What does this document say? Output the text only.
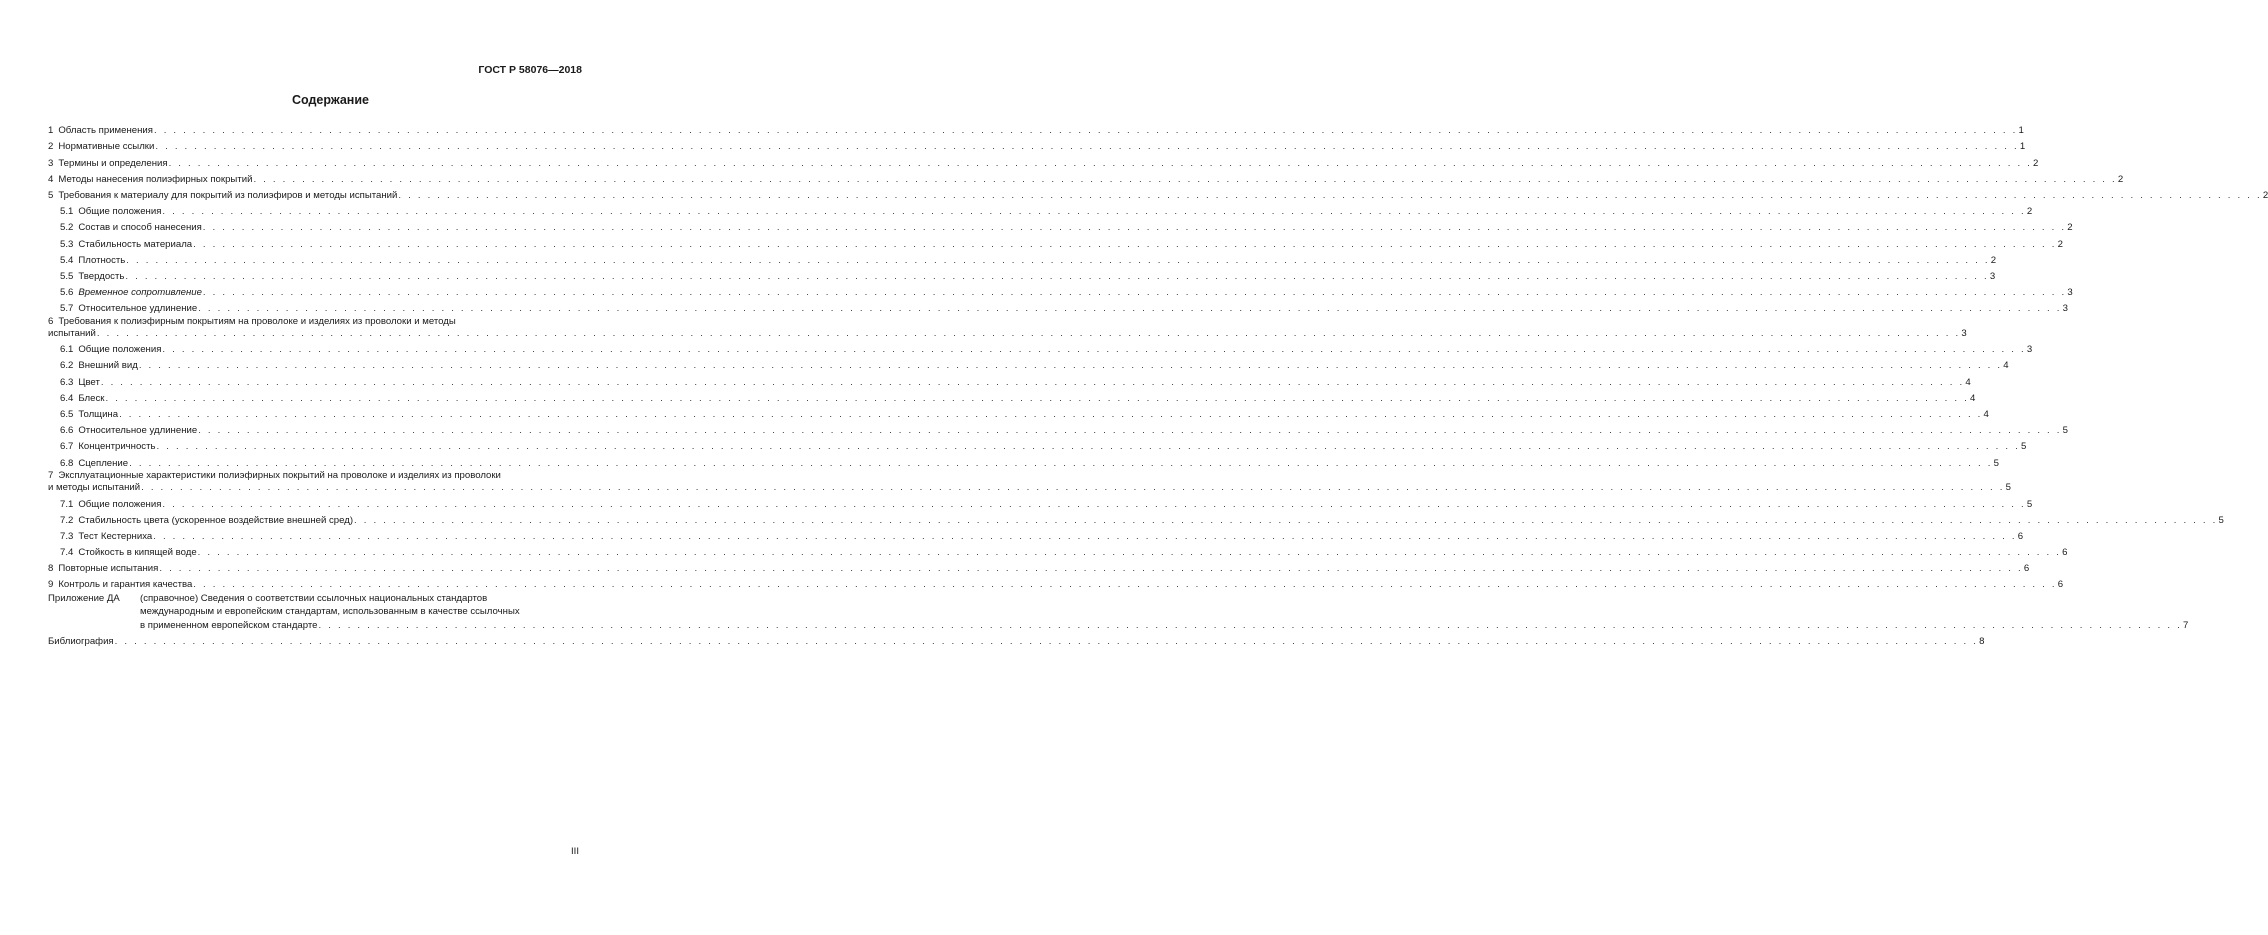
ГОСТ Р 58076—2018
Содержание
1 Область применения . . .	1
2 Нормативные ссылки . . .	1
3 Термины и определения . . .	2
4 Методы нанесения полиэфирных покрытий . . .	2
5 Требования к материалу для покрытий из полиэфиров и методы испытаний . . .	2
5.1 Общие положения . . .	2
5.2 Состав и способ нанесения . . .	2
5.3 Стабильность материала . . .	2
5.4 Плотность . . .	2
5.5 Твердость . . .	3
5.6 Временное сопротивление . . .	3
5.7 Относительное удлинение . . .	3
6 Требования к полиэфирным покрытиям на проволоке и изделиях из проволоки и методы
испытаний . . .	3
6.1 Общие положения . . .	3
6.2 Внешний вид . . .	4
6.3 Цвет . . .	4
6.4 Блеск . . .	4
6.5 Толщина . . .	4
6.6 Относительное удлинение . . .	5
6.7 Концентричность . . .	5
6.8 Сцепление . . .	5
7 Эксплуатационные характеристики полиэфирных покрытий на проволоке и изделиях из проволоки
и методы испытаний . . .	5
7.1 Общие положения . . .	5
7.2 Стабильность цвета (ускоренное воздействие внешней сред) . . .	5
7.3 Тест Кестерниха . . .	6
7.4 Стойкость в кипящей воде . . .	6
8 Повторные испытания . . .	6
9 Контроль и гарантия качества . . .	6
Приложение ДА	(справочное) Сведения о соответствии ссылочных национальных стандартов
международным и европейским стандартам, использованным в качестве ссылочных
в примененном европейском стандарте . . .	7
Библиография . . .	8
III
